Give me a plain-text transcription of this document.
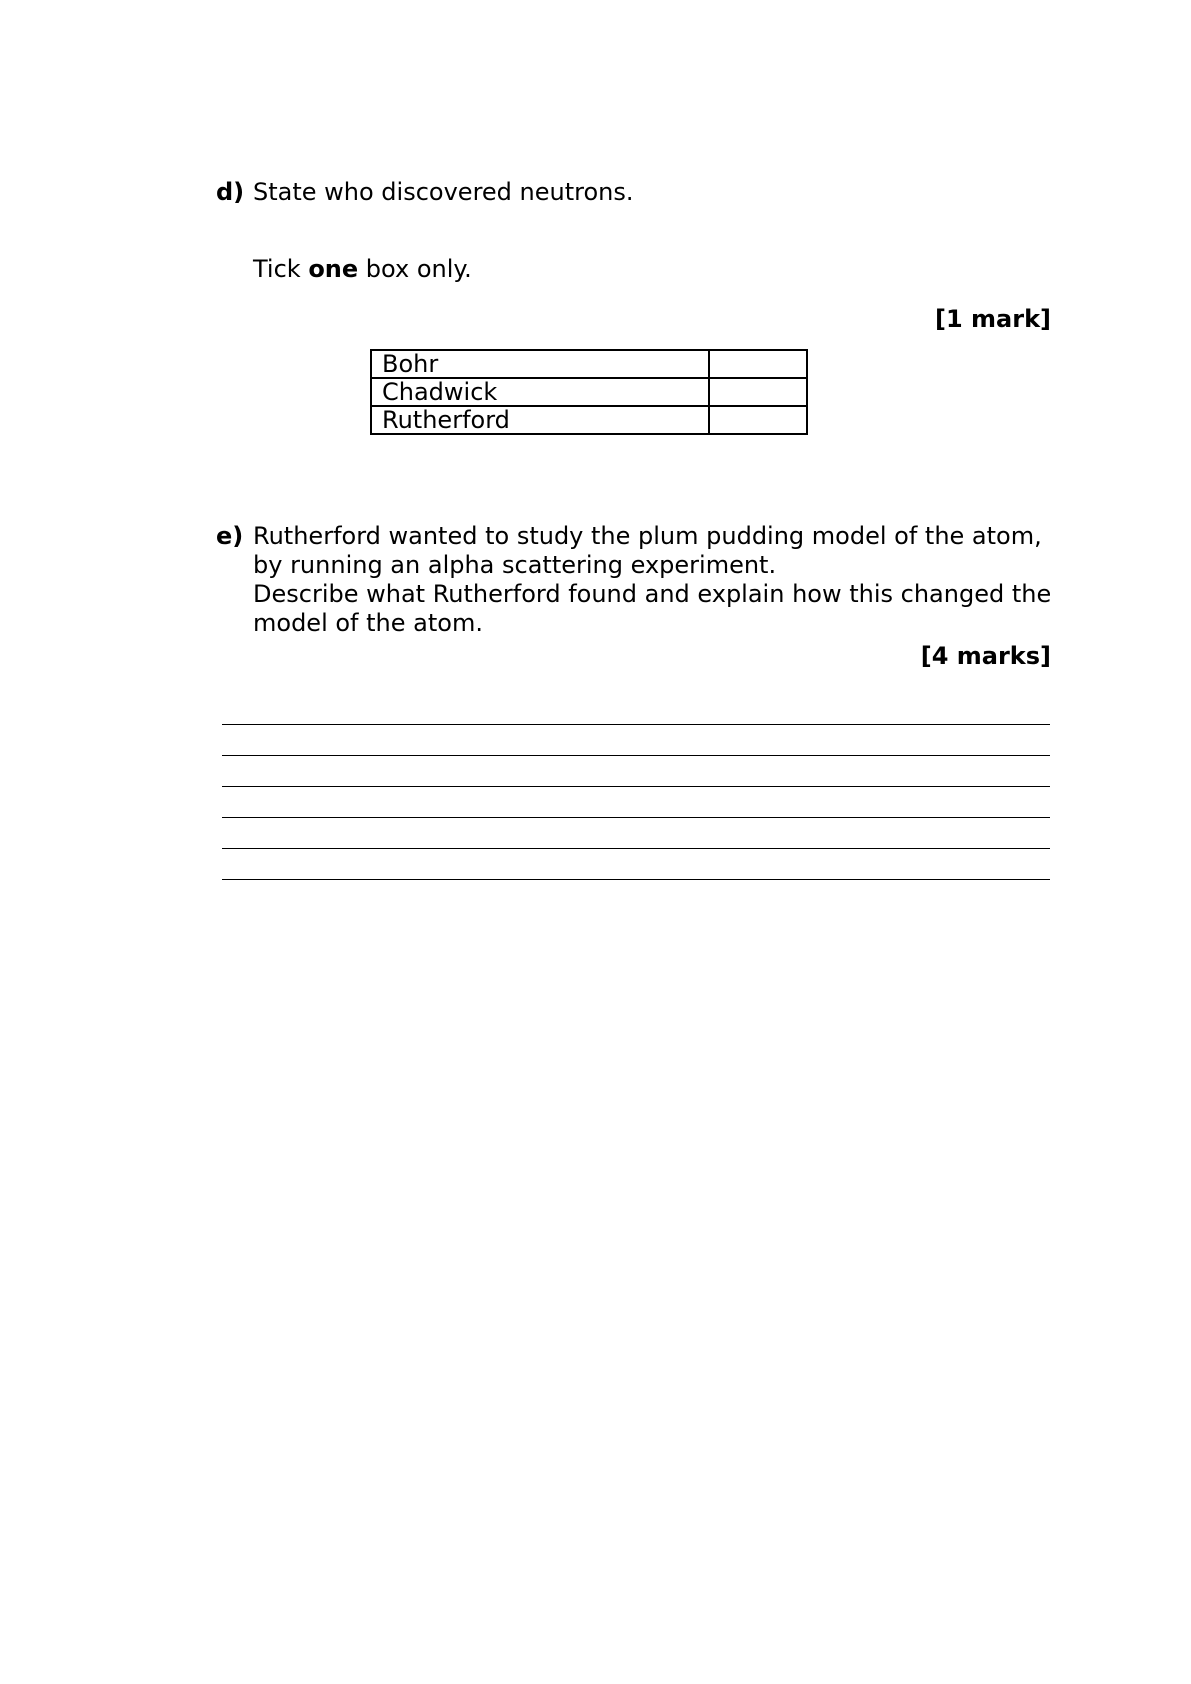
d) State who discovered neutrons.
Tick one box only.
[1 mark]
Bohr	
Chadwick	
Rutherford	
e) Rutherford wanted to study the plum pudding model of the atom,
by running an alpha scattering experiment.
Describe what Rutherford found and explain how this changed the
model of the atom.
[4 marks]
